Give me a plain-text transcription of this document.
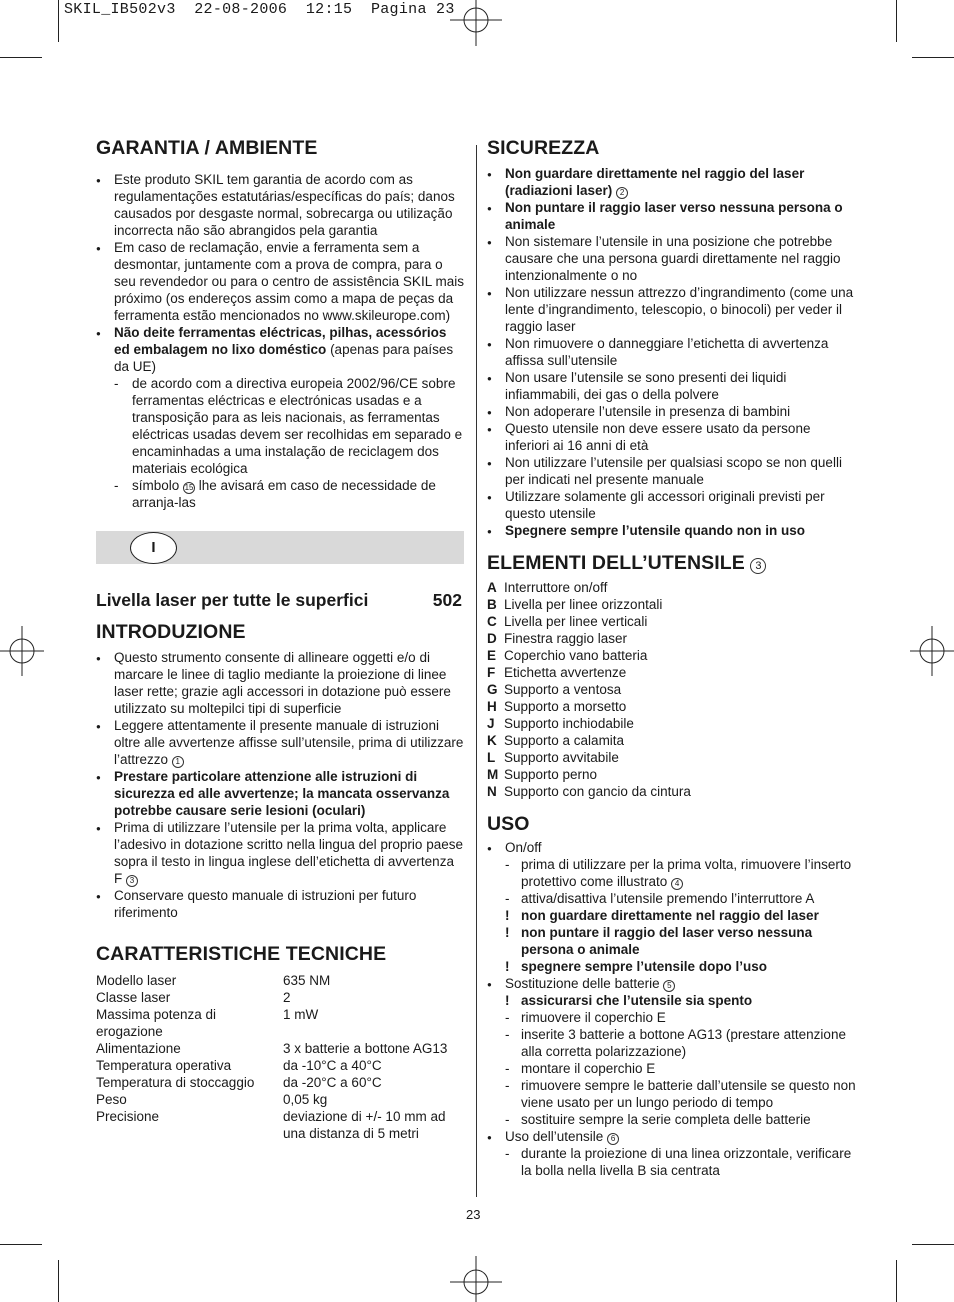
SKIL_IB502v3  22-08-2006  12:15  Pagina 23
GARANTIA / AMBIENTE
● Este produto SKIL tem garantia de acordo com as regulamentações estatutárias/específicas do país; danos causados por desgaste normal, sobrecarga ou utilização incorrecta não são abrangidos pela garantia
● Em caso de reclamação, envie a ferramenta sem a desmontar, juntamente com a prova de compra, para o seu revendedor ou para o centro de assistência SKIL mais próximo (os endereços assim como a mapa de peças da ferramenta estão mencionados no www.skileurope.com)
● Não deite ferramentas eléctricas, pilhas, acessórios ed embalagem no lixo doméstico (apenas para países da UE)
- de acordo com a directiva europeia 2002/96/CE sobre ferramentas eléctricas e electrónicas usadas e a transposição para as leis nacionais, as ferramentas eléctricas usadas devem ser recolhidas em separado e encaminhadas a uma instalação de reciclagem dos materiais ecológica
- símbolo 15 lhe avisará em caso de necessidade de arranja-las
I
Livella laser per tutte le superfici	502
INTRODUZIONE
● Questo strumento consente di allineare oggetti e/o di marcare le linee di taglio mediante la proiezione di linee laser rette; grazie agli accessori in dotazione può essere utilizzato su moltepilci tipi di superficie
● Leggere attentamente il presente manuale di istruzioni oltre alle avvertenze affisse sull’utensile, prima di utilizzare l’attrezzo 1
● Prestare particolare attenzione alle istruzioni di sicurezza ed alle avvertenze; la mancata osservanza potrebbe causare serie lesioni (oculari)
● Prima di utilizzare l’utensile per la prima volta, applicare l’adesivo in dotazione scritto nella lingua del proprio paese sopra il testo in lingua inglese dell’etichetta di avvertenza F 3
● Conservare questo manuale di istruzioni per futuro riferimento
CARATTERISTICHE TECNICHE
Modello laser	635 NM
Classe laser	2
Massima potenza di erogazione	1 mW
Alimentazione	3 x batterie a bottone AG13
Temperatura operativa	da -10°C a 40°C
Temperatura di stoccaggio	da -20°C a 60°C
Peso	0,05 kg
Precisione	deviazione di +/- 10 mm ad una distanza di 5 metri
SICUREZZA
● Non guardare direttamente nel raggio del laser (radiazioni laser) 2
● Non puntare il raggio laser verso nessuna persona o animale
● Non sistemare l’utensile in una posizione che potrebbe causare che una persona guardi direttamente nel raggio intenzionalmente o no
● Non utilizzare nessun attrezzo d’ingrandimento (come una lente d’ingrandimento, telescopio, o binocoli) per veder il raggio laser
● Non rimuovere o danneggiare l’etichetta di avvertenza affissa sull’utensile
● Non usare l’utensile se sono presenti dei liquidi infiammabili, dei gas o della polvere
● Non adoperare l’utensile in presenza di bambini
● Questo utensile non deve essere usato da persone inferiori ai 16 anni di età
● Non utilizzare l’utensile per qualsiasi scopo se non quelli per indicati nel presente manuale
● Utilizzare solamente gli accessori originali previsti per questo utensile
● Spegnere sempre l’utensile quando non in uso
ELEMENTI DELL’UTENSILE 3
A Interruttore on/off
B Livella per linee orizzontali
C Livella per linee verticali
D Finestra raggio laser
E Coperchio vano batteria
F Etichetta avvertenze
G Supporto a ventosa
H Supporto a morsetto
J Supporto inchiodabile
K Supporto a calamita
L Supporto avvitabile
M Supporto perno
N Supporto con gancio da cintura
USO
● On/off
- prima di utilizzare per la prima volta, rimuovere l’inserto protettivo come illustrato 4
- attiva/disattiva l’utensile premendo l’interruttore A
! non guardare direttamente nel raggio del laser
! non puntare il raggio del laser verso nessuna persona o animale
! spegnere sempre l’utensile dopo l’uso
● Sostituzione delle batterie 5
! assicurarsi che l’utensile sia spento
- rimuovere il coperchio E
- inserite 3 batterie a bottone AG13 (prestare attenzione alla corretta polarizzazione)
- montare il coperchio E
- rimuovere sempre le batterie dall’utensile se questo non viene usato per un lungo periodo di tempo
- sostituire sempre la serie completa delle batterie
● Uso dell’utensile 6
- durante la proiezione di una linea orizzontale, verificare la bolla nella livella B sia centrata
23
